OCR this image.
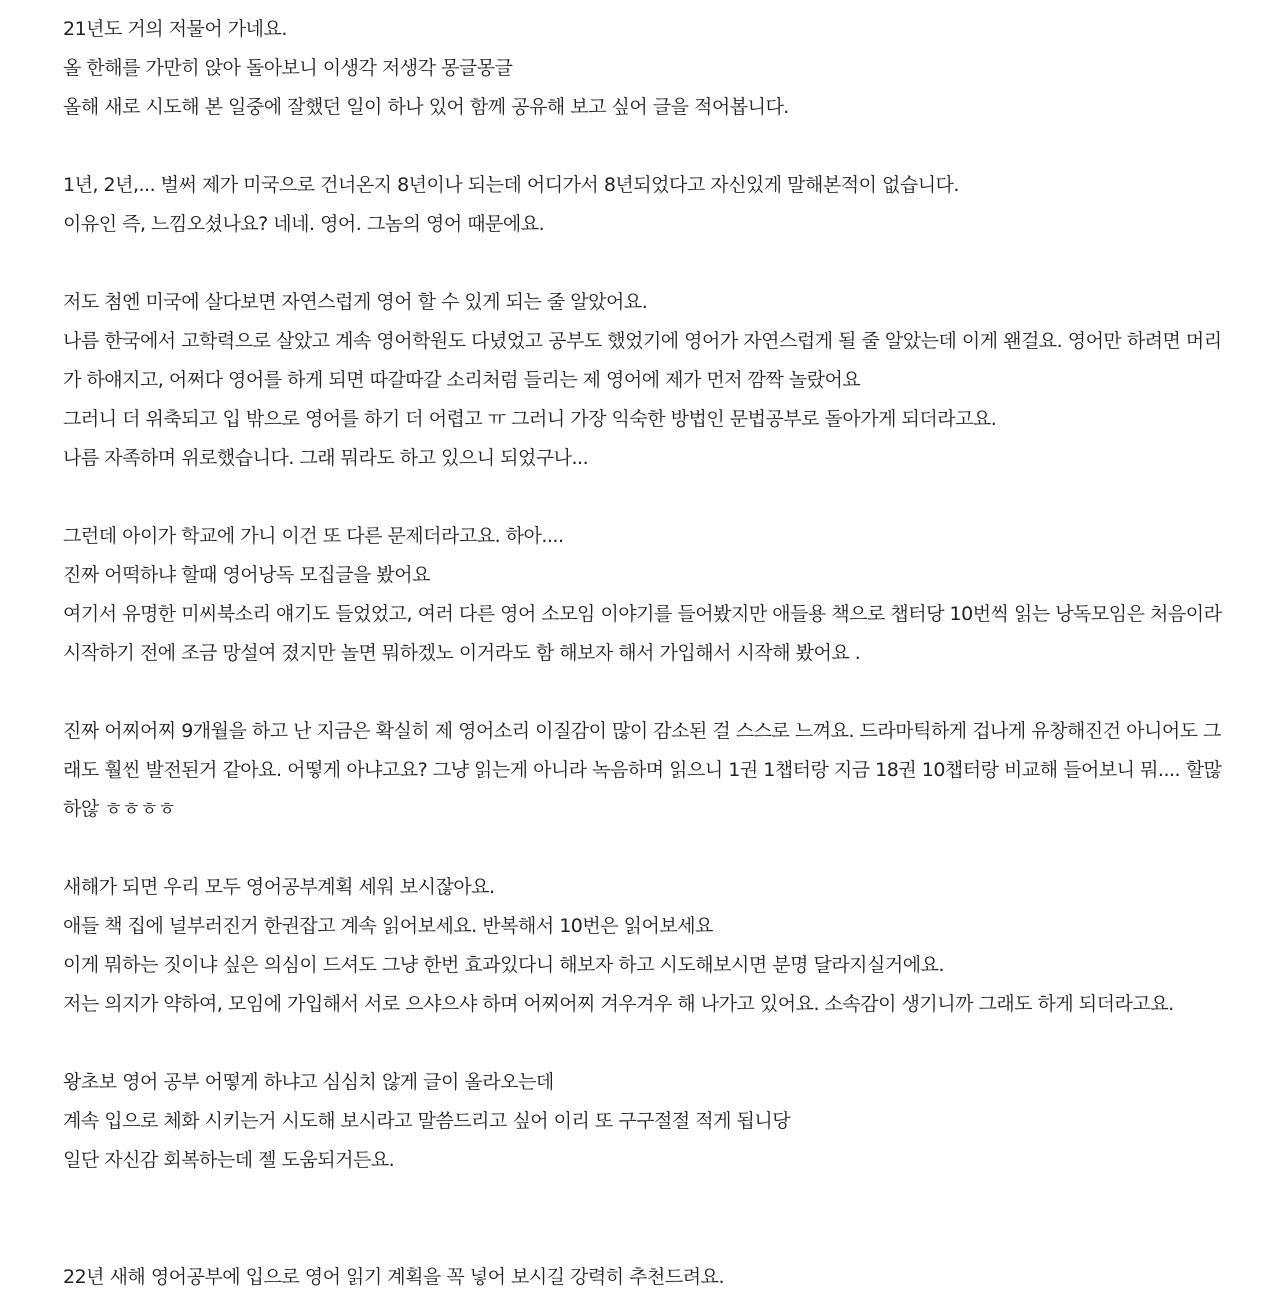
21년도 거의 저물어 가네요.
올 한해를 가만히 앉아 돌아보니 이생각 저생각 몽글몽글
올해 새로 시도해 본 일중에 잘했던 일이 하나 있어 함께 공유해 보고 싶어 글을 적어봅니다.

1년, 2년,... 벌써 제가 미국으로 건너온지 8년이나 되는데 어디가서 8년되었다고 자신있게 말해본적이 없습니다.
이유인 즉, 느낌오셨나요? 네네. 영어. 그놈의 영어 때문에요.

저도 첨엔 미국에 살다보면 자연스럽게 영어 할 수 있게 되는 줄 알았어요.
나름 한국에서 고학력으로 살았고 계속 영어학원도 다녔었고 공부도 했었기에 영어가 자연스럽게 될 줄 알았는데 이게 왠걸요. 영어만 하려면 머리
가 하얘지고, 어쩌다 영어를 하게 되면 따갈따갈 소리처럼 들리는 제 영어에 제가 먼저 깜짝 놀랐어요
그러니 더 위축되고 입 밖으로 영어를 하기 더 어렵고 ㅠ 그러니 가장 익숙한 방법인 문법공부로 돌아가게 되더라고요.
나름 자족하며 위로했습니다. 그래 뭐라도 하고 있으니 되었구나...

그런데 아이가 학교에 가니 이건 또 다른 문제더라고요. 하아....
진짜 어떡하냐 할때 영어낭독 모집글을 봤어요
여기서 유명한 미씨북소리 얘기도 들었었고, 여러 다른 영어 소모임 이야기를 들어봤지만 애들용 책으로 챕터당 10번씩 읽는 낭독모임은 처음이라
시작하기 전에 조금 망설여 졌지만 놀면 뭐하겠노 이거라도 함 해보자 해서 가입해서 시작해 봤어요 .

진짜 어찌어찌 9개월을 하고 난 지금은 확실히 제 영어소리 이질감이 많이 감소된 걸 스스로 느껴요. 드라마틱하게 겁나게 유창해진건 아니어도 그
래도 훨씬 발전된거 같아요. 어떻게 아냐고요? 그냥 읽는게 아니라 녹음하며 읽으니 1권 1챕터랑 지금 18권 10챕터랑 비교해 들어보니 뭐.... 할많
하않 ㅎㅎㅎㅎ

새해가 되면 우리 모두 영어공부계획 세워 보시잖아요.
애들 책 집에 널부러진거 한권잡고 계속 읽어보세요. 반복해서 10번은 읽어보세요
이게 뭐하는 짓이냐 싶은 의심이 드셔도 그냥 한번 효과있다니 해보자 하고 시도해보시면 분명 달라지실거에요.
저는 의지가 약하여, 모임에 가입해서 서로 으샤으샤 하며 어찌어찌 겨우겨우 해 나가고 있어요. 소속감이 생기니까 그래도 하게 되더라고요.

왕초보 영어 공부 어떻게 하냐고 심심치 않게 글이 올라오는데
계속 입으로 체화 시키는거 시도해 보시라고 말씀드리고 싶어 이리 또 구구절절 적게 됩니당
일단 자신감 회복하는데 젤 도움되거든요.

22년 새해 영어공부에 입으로 영어 읽기 계획을 꼭 넣어 보시길 강력히 추천드려요.
